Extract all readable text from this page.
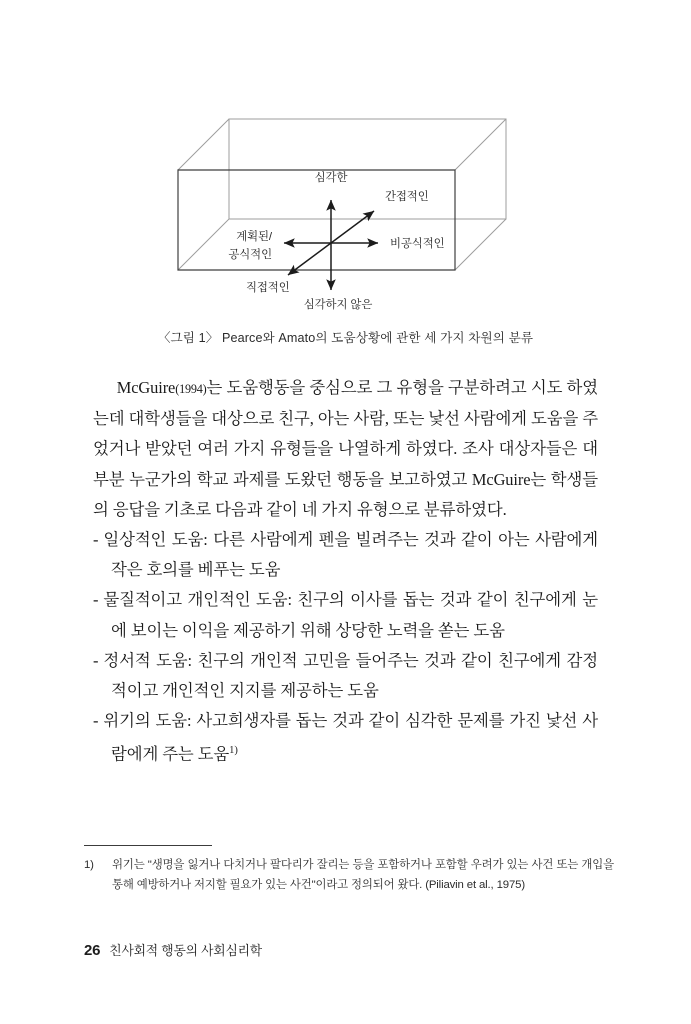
심각한
심각하지 않은
계획된/
공식적인
비공식적인
간접적인
직접적인
〈그림 1〉 Pearce와 Amato의 도움상황에 관한 세 가지 차원의 분류

McGuire(1994)는 도움행동을 중심으로 그 유형을 구분하려고 시도 하였는데 대학생들을 대상으로 친구, 아는 사람, 또는 낯선 사람에게 도움을 주었거나 받았던 여러 가지 유형들을 나열하게 하였다. 조사 대상자들은 대부분 누군가의 학교 과제를 도왔던 행동을 보고하였고 McGuire는 학생들의 응답을 기초로 다음과 같이 네 가지 유형으로 분류하였다.

- 일상적인 도움: 다른 사람에게 펜을 빌려주는 것과 같이 아는 사람에게 작은 호의를 베푸는 도움
- 물질적이고 개인적인 도움: 친구의 이사를 돕는 것과 같이 친구에게 눈에 보이는 이익을 제공하기 위해 상당한 노력을 쏟는 도움
- 정서적 도움: 친구의 개인적 고민을 들어주는 것과 같이 친구에게 감정적이고 개인적인 지지를 제공하는 도움
- 위기의 도움: 사고희생자를 돕는 것과 같이 심각한 문제를 가진 낯선 사람에게 주는 도움$^{1)}$
1)	위기는 "생명을 잃거나 다치거나 팔다리가 잘리는 등을 포함하거나 포함할 우려가 있는 사건 또는 개입을 통해 예방하거나 저지할 필요가 있는 사건"이라고 정의되어 왔다. (Piliavin et al., 1975)
26 친사회적 행동의 사회심리학
